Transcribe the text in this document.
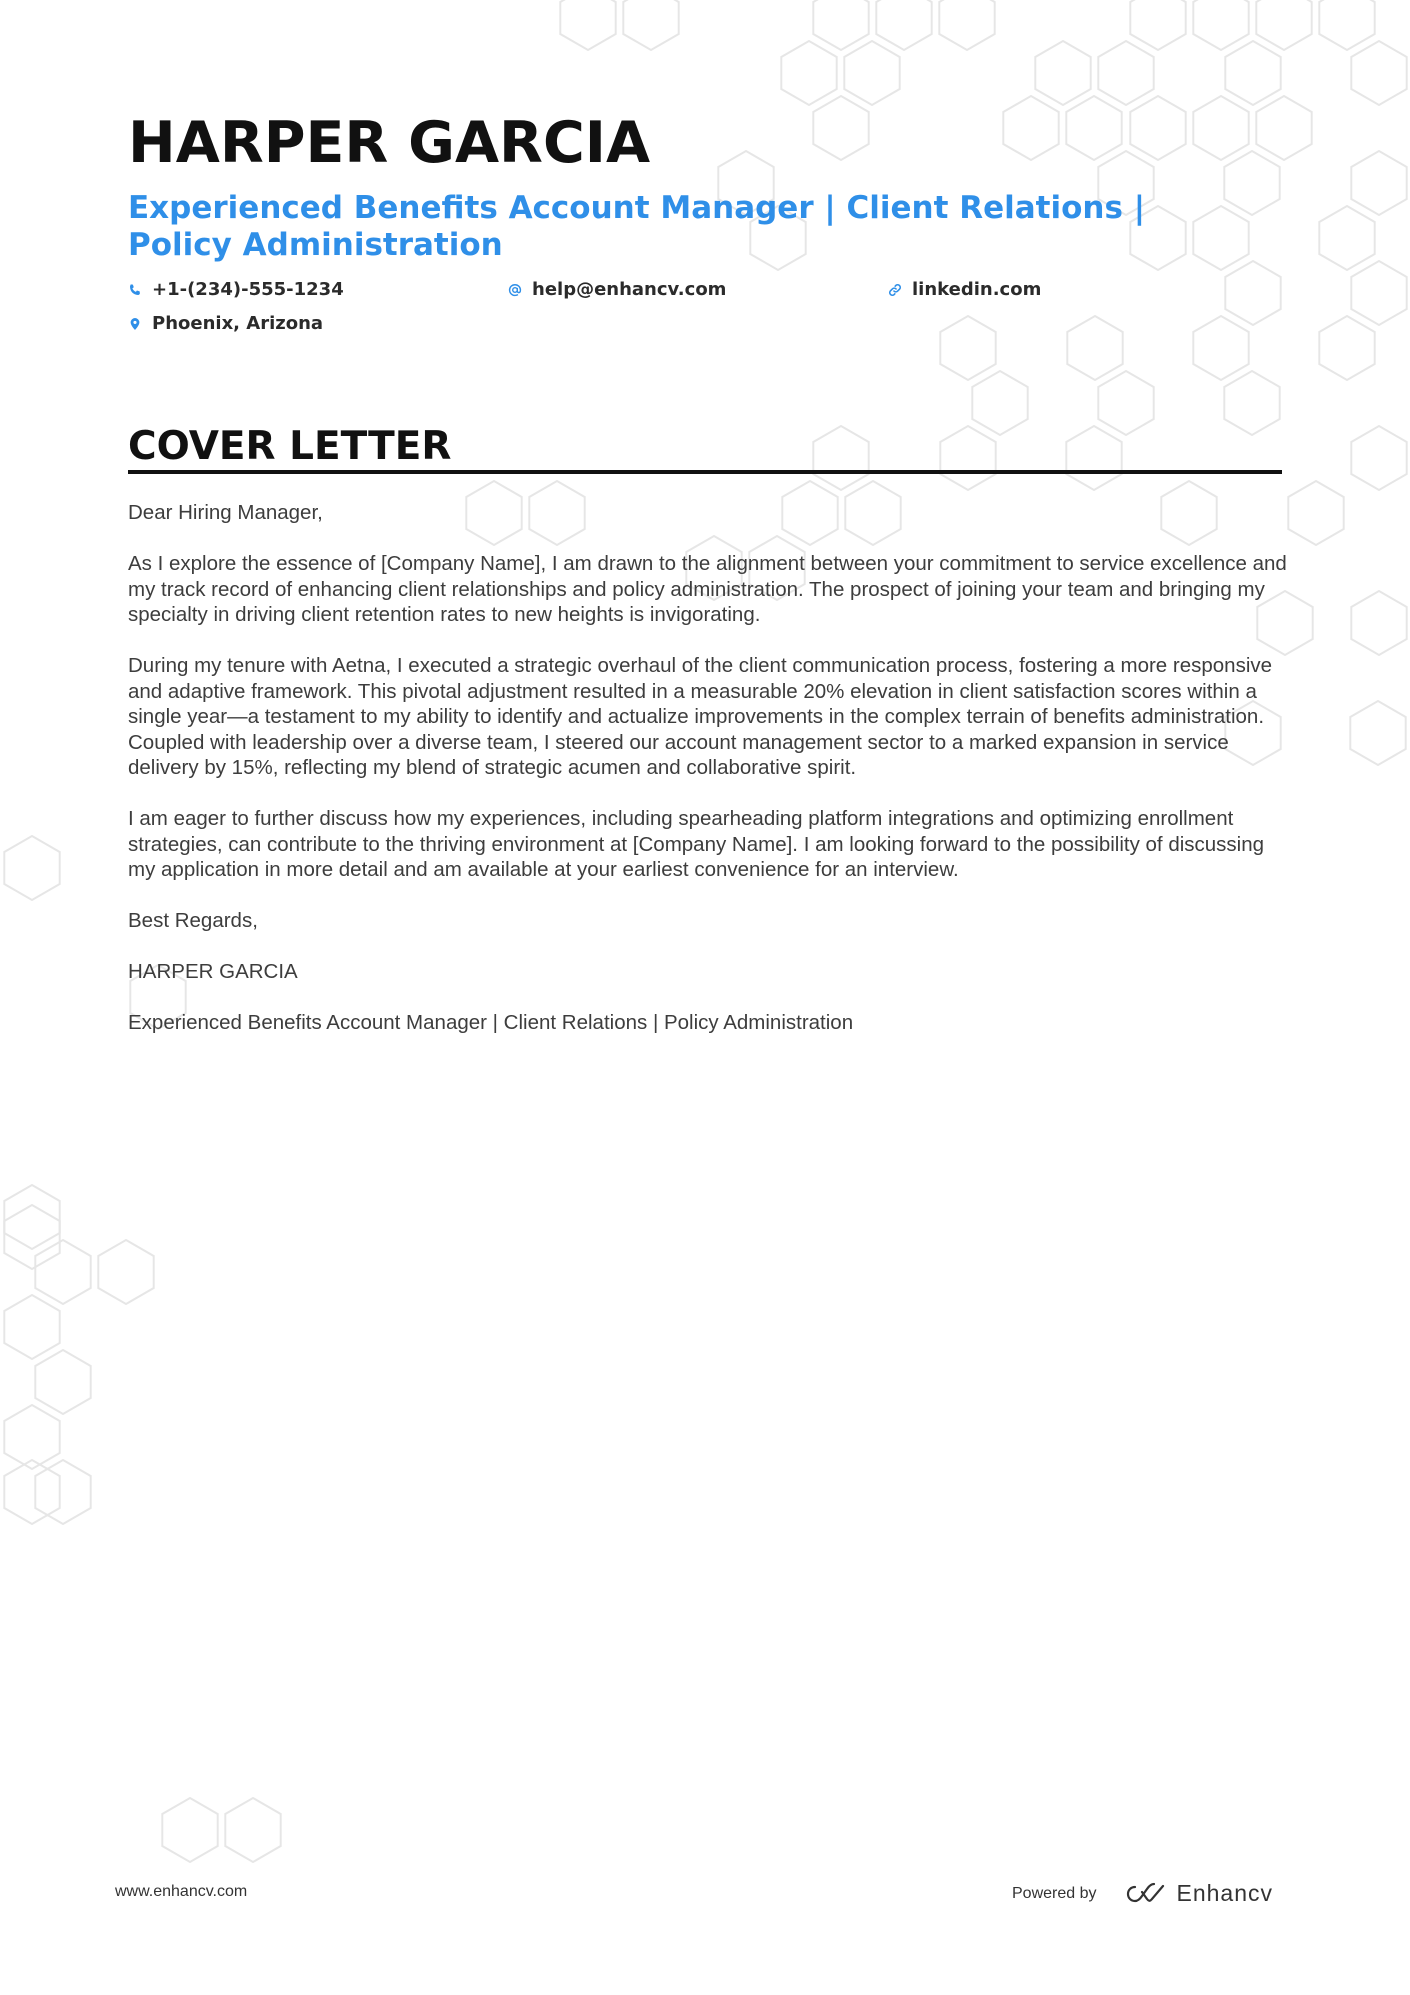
HARPER GARCIA
Experienced Benefits Account Manager | Client Relations | Policy Administration
+1-(234)-555-1234	help@enhancv.com	linkedin.com
Phoenix, Arizona
COVER LETTER

Dear Hiring Manager,

As I explore the essence of [Company Name], I am drawn to the alignment between your commitment to service excellence and my track record of enhancing client relationships and policy administration. The prospect of joining your team and bringing my specialty in driving client retention rates to new heights is invigorating.

During my tenure with Aetna, I executed a strategic overhaul of the client communication process, fostering a more responsive and adaptive framework. This pivotal adjustment resulted in a measurable 20% elevation in client satisfaction scores within a single year—a testament to my ability to identify and actualize improvements in the complex terrain of benefits administration. Coupled with leadership over a diverse team, I steered our account management sector to a marked expansion in service delivery by 15%, reflecting my blend of strategic acumen and collaborative spirit.

I am eager to further discuss how my experiences, including spearheading platform integrations and optimizing enrollment strategies, can contribute to the thriving environment at [Company Name]. I am looking forward to the possibility of discussing my application in more detail and am available at your earliest convenience for an interview.

Best Regards,

HARPER GARCIA

Experienced Benefits Account Manager | Client Relations | Policy Administration

www.enhancv.com	Powered by	Enhancv
